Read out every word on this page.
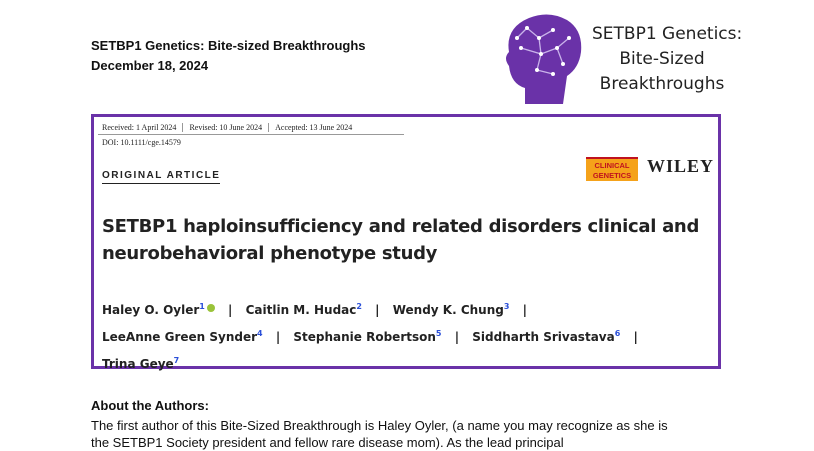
SETBP1 Genetics: Bite-sized Breakthroughs
December 18, 2024
SETBP1 Genetics:
Bite-Sized
Breakthroughs
Received: 1 April 2024	Revised: 10 June 2024	Accepted: 13 June 2024
DOI: 10.1111/cge.14579
ORIGINAL ARTICLE
CLINICAL
GENETICS WILEY
SETBP1 haploinsufficiency and related disorders clinical and neurobehavioral phenotype study
Haley O. Oyler$^1$ | Caitlin M. Hudac$^2$ | Wendy K. Chung$^3$ |
LeeAnne Green Synder$^4$ | Stephanie Robertson$^5$ | Siddharth Srivastava$^6$ |
Trina Geye$^7$
About the Authors:
The first author of this Bite-Sized Breakthrough is Haley Oyler, (a name you may recognize as she is the SETBP1 Society president and fellow rare disease mom). As the lead principal
